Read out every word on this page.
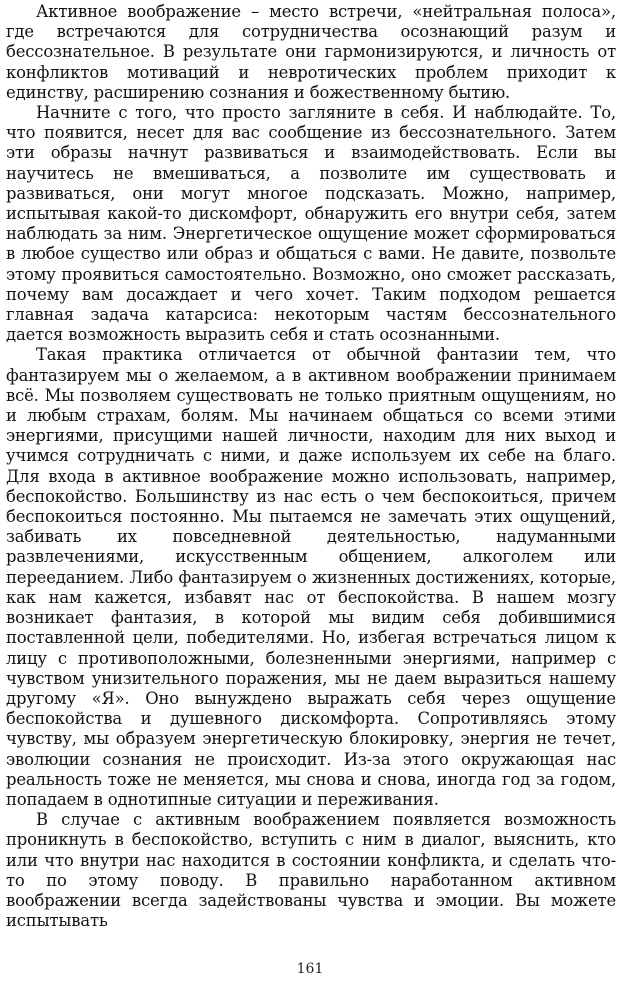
Активное воображение – место встречи, «нейтральная полоса», где встречаются для сотрудничества осознающий разум и бессознательное. В результате они гармонизируются, и личность от конфликтов мотиваций и невротических проблем приходит к единству, расширению сознания и божественному бытию.

Начните с того, что просто загляните в себя. И наблюдайте. То, что появится, несет для вас сообщение из бессознательного. Затем эти образы начнут развиваться и взаимодействовать. Если вы научитесь не вмешиваться, а позволите им существовать и развиваться, они могут многое подсказать. Можно, например, испытывая какой-то дискомфорт, обнаружить его внутри себя, затем наблюдать за ним. Энергетическое ощущение может сформироваться в любое существо или образ и общаться с вами. Не давите, позвольте этому проявиться самостоятельно. Возможно, оно сможет рассказать, почему вам досаждает и чего хочет. Таким подходом решается главная задача катарсиса: некоторым частям бессознательного дается возможность выразить себя и стать осознанными.

Такая практика отличается от обычной фантазии тем, что фантазируем мы о желаемом, а в активном воображении принимаем всё. Мы позволяем существовать не только приятным ощущениям, но и любым страхам, болям. Мы начинаем общаться со всеми этими энергиями, присущими нашей личности, находим для них выход и учимся сотрудничать с ними, и даже используем их себе на благо. Для входа в активное воображение можно использовать, например, беспокойство. Большинству из нас есть о чем беспокоиться, причем беспокоиться постоянно. Мы пытаемся не замечать этих ощущений, забивать их повседневной деятельностью, надуманными развлечениями, искусственным общением, алкоголем или перееданием. Либо фантазируем о жизненных достижениях, которые, как нам кажется, избавят нас от беспокойства. В нашем мозгу возникает фантазия, в которой мы видим себя добившимися поставленной цели, победителями. Но, избегая встречаться лицом к лицу с противоположными, болезненными энергиями, например с чувством унизительного поражения, мы не даем выразиться нашему другому «Я». Оно вынуждено выражать себя через ощущение беспокойства и душевного дискомфорта. Сопротивляясь этому чувству, мы образуем энергетическую блокировку, энергия не течет, эволюции сознания не происходит. Из-за этого окружающая нас реальность тоже не меняется, мы снова и снова, иногда год за годом, попадаем в однотипные ситуации и переживания.

В случае с активным воображением появляется возможность проникнуть в беспокойство, вступить с ним в диалог, выяснить, кто или что внутри нас находится в состоянии конфликта, и сделать что-то по этому поводу. В правильно наработанном активном воображении всегда задействованы чувства и эмоции. Вы можете испытывать

161
